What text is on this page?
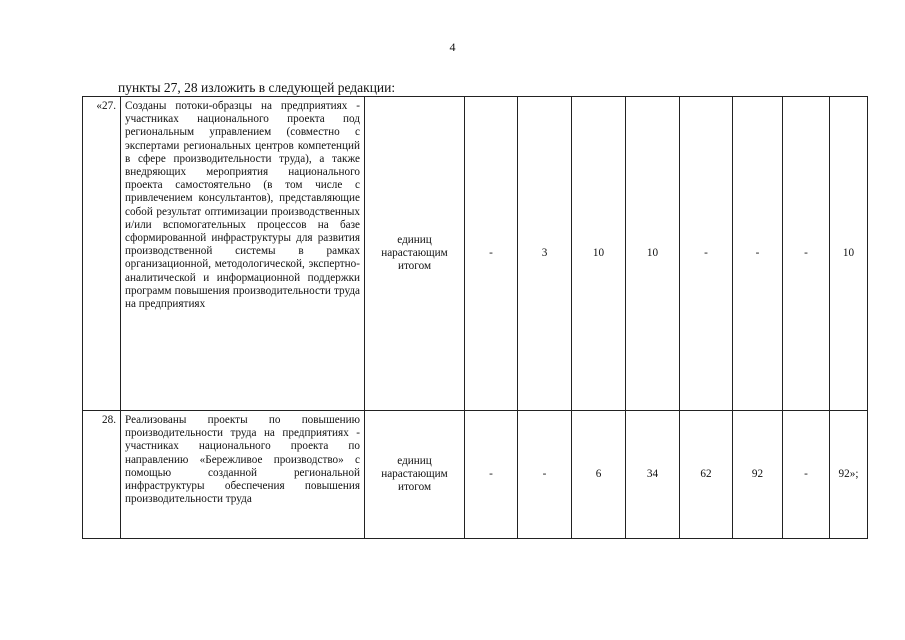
4
пункты 27, 28 изложить в следующей редакции:
«27.	Созданы потоки-образцы на предприятиях - участниках национального проекта под региональным управлением (совместно с экспертами региональных центров компетенций в сфере производительности труда), а также внедряющих мероприятия национального проекта самостоятельно (в том числе с привлечением консультантов), представляющие собой результат оптимизации производственных и/или вспомогательных процессов на базе сформированной инфраструктуры для развития производственной системы в рамках организационной, методологической, экспертно-аналитической и информационной поддержки программ повышения производительности труда на предприятиях	единиц нарастающим итогом	-	3	10	10	-	-	-	10
28.	Реализованы проекты по повышению производительности труда на предприятиях - участниках национального проекта по направлению «Бережливое производство» с помощью созданной региональной инфраструктуры обеспечения повышения производительности труда	единиц нарастающим итогом	-	-	6	34	62	92	-	92»;
